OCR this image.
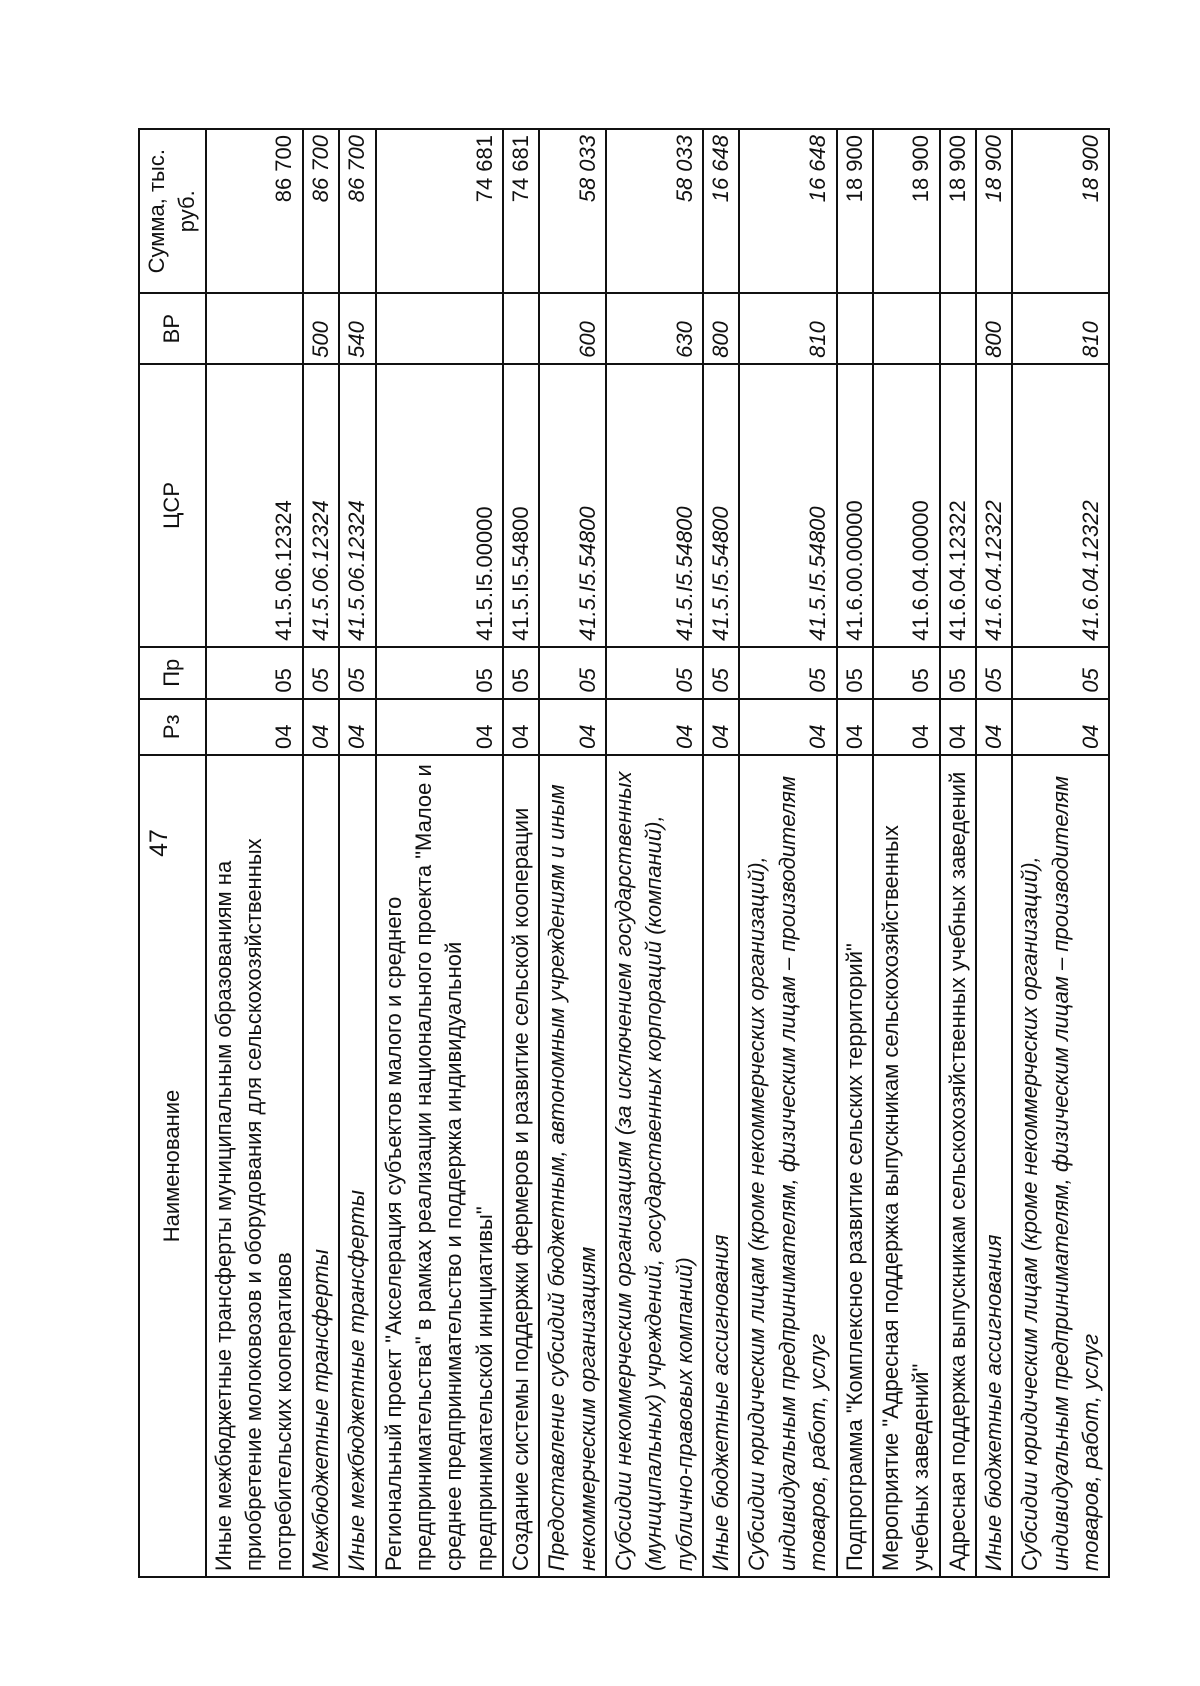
47
Наименование	Рз	Пр	ЦСР	ВР	Сумма, тыс. руб.
Иные межбюджетные трансферты муниципальным образованиям на приобретение молоковозов и оборудования для сельскохозяйственных потребительских кооперативов	04	05	41.5.06.12324		86 700
Межбюджетные трансферты	04	05	41.5.06.12324	500	86 700
Иные межбюджетные трансферты	04	05	41.5.06.12324	540	86 700
Региональный проект "Акселерация субъектов малого и среднего предпринимательства" в рамках реализации национального проекта "Малое и среднее предпринимательство и поддержка индивидуальной предпринимательской инициативы"	04	05	41.5.I5.00000		74 681
Создание системы поддержки фермеров и развитие сельской кооперации	04	05	41.5.I5.54800		74 681
Предоставление субсидий бюджетным, автономным учреждениям и иным некоммерческим организациям	04	05	41.5.I5.54800	600	58 033
Субсидии некоммерческим организациям (за исключением государственных (муниципальных) учреждений, государственных корпораций (компаний), публично-правовых компаний)	04	05	41.5.I5.54800	630	58 033
Иные бюджетные ассигнования	04	05	41.5.I5.54800	800	16 648
Субсидии юридическим лицам (кроме некоммерческих организаций), индивидуальным предпринимателям, физическим лицам – производителям товаров, работ, услуг	04	05	41.5.I5.54800	810	16 648
Подпрограмма "Комплексное развитие сельских территорий"	04	05	41.6.00.00000		18 900
Мероприятие "Адресная поддержка выпускникам сельскохозяйственных учебных заведений"	04	05	41.6.04.00000		18 900
Адресная поддержка выпускникам сельскохозяйственных учебных заведений	04	05	41.6.04.12322		18 900
Иные бюджетные ассигнования	04	05	41.6.04.12322	800	18 900
Субсидии юридическим лицам (кроме некоммерческих организаций), индивидуальным предпринимателям, физическим лицам – производителям товаров, работ, услуг	04	05	41.6.04.12322	810	18 900
